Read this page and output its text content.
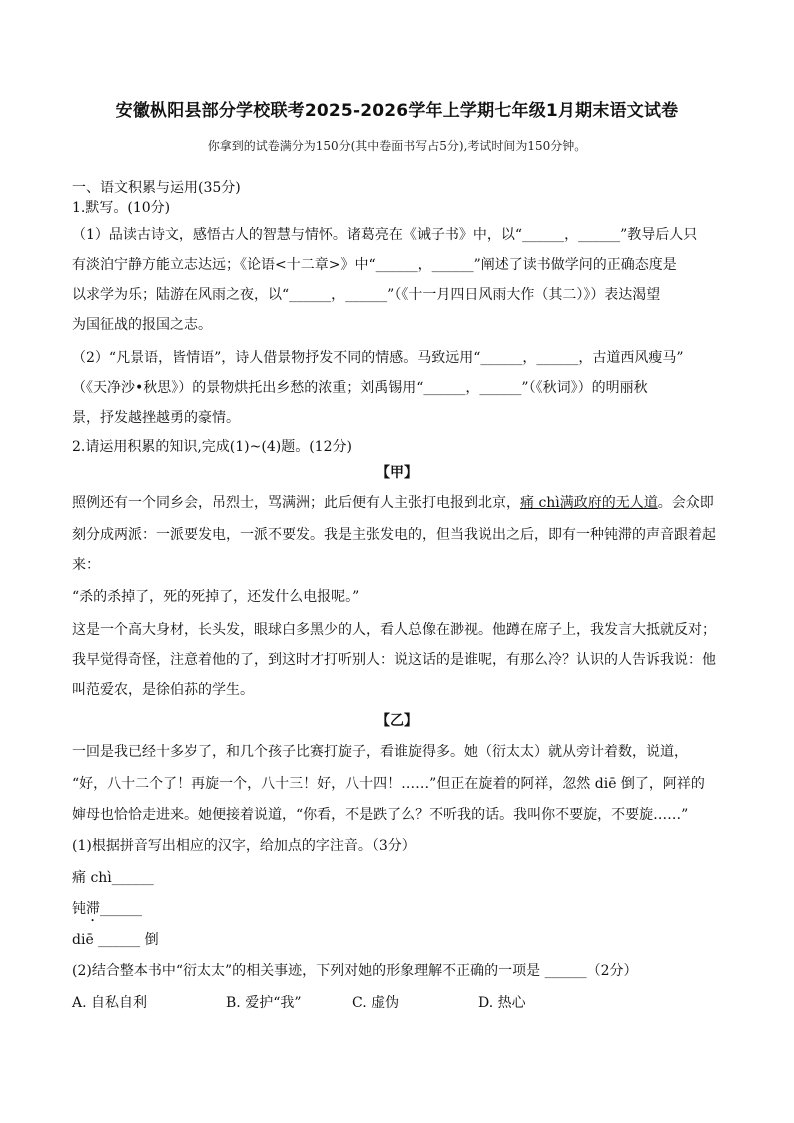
安徽枞阳县部分学校联考2025-2026学年上学期七年级1月期末语文试卷
你拿到的试卷满分为150分(其中卷面书写占5分),考试时间为150分钟。
一、语文积累与运用(35分)
1.默写。(10分)
（1）品读古诗文，感悟古人的智慧与情怀。诸葛亮在《诫子书》中，以“______，______”教导后人只
有淡泊宁静方能立志达远；《论语<十二章>》中“______，______”阐述了读书做学问的正确态度是
以求学为乐；陆游在风雨之夜，以“______，______”（《十一月四日风雨大作（其二）》）表达渴望
为国征战的报国之志。
（2）“凡景语，皆情语”，诗人借景物抒发不同的情感。马致远用“______，______，古道西风瘦马”
（《天净沙•秋思》）的景物烘托出乡愁的浓重；刘禹锡用“______，______”（《秋词》）的明丽秋
景，抒发越挫越勇的豪情。
2.请运用积累的知识,完成(1)~(4)题。(12分)
【甲】
照例还有一个同乡会，吊烈士，骂满洲；此后便有人主张打电报到北京，痛 chì满政府的无人道。会众即
刻分成两派：一派要发电，一派不要发。我是主张发电的，但当我说出之后，即有一种钝滞的声音跟着起
来：
“杀的杀掉了，死的死掉了，还发什么电报呢。”
这是一个高大身材，长头发，眼球白多黑少的人，看人总像在渺视。他蹲在席子上，我发言大抵就反对；
我早觉得奇怪，注意着他的了，到这时才打听别人：说这话的是谁呢，有那么冷？认识的人告诉我说：他
叫范爱农，是徐伯荪的学生。
【乙】
一回是我已经十多岁了，和几个孩子比赛打旋子，看谁旋得多。她（衍太太）就从旁计着数，说道，
“好，八十二个了！再旋一个，八十三！好，八十四！……”但正在旋着的阿祥，忽然 diē 倒了，阿祥的
婶母也恰恰走进来。她便接着说道，“你看，不是跌了么？不听我的话。我叫你不要旋，不要旋……”
(1)根据拼音写出相应的汉字，给加点的字注音。（3分）
痛 chì______
钝滞______
diē ______ 倒
(2)结合整本书中“衍太太”的相关事迹，下列对她的形象理解不正确的一项是 ______（2分）
A. 自私自利	B. 爱护“我”	C. 虚伪	D. 热心
